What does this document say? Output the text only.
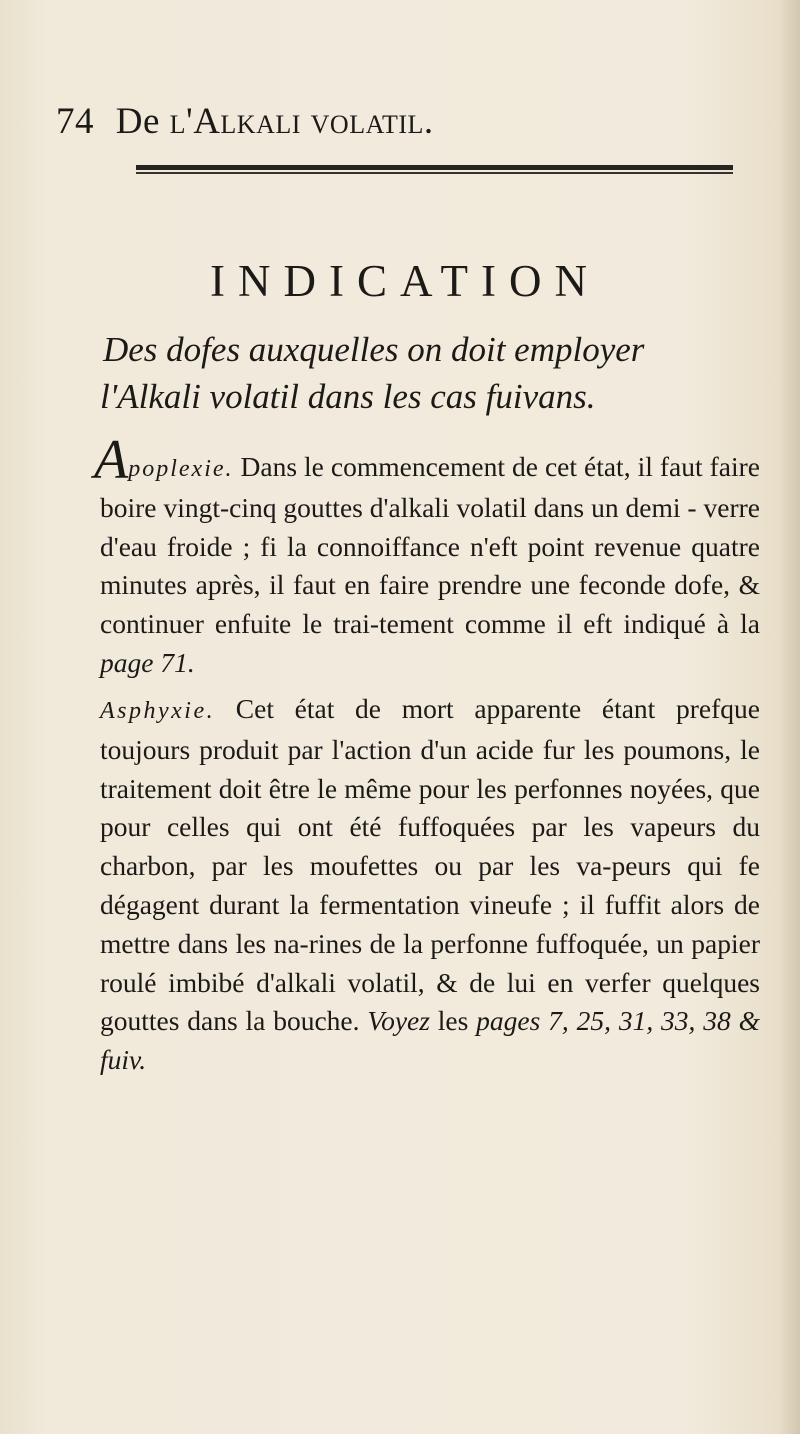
74 De l'Alkali volatil.
INDICATION
Des dofes auxquelles on doit employer
l'Alkali volatil dans les cas fuivans.
Apoplexie. Dans le commencement de cet état, il faut faire boire vingt-cinq gouttes d'alkali volatil dans un demi - verre d'eau froide ; fi la connoiffance n'eft point revenue quatre minutes après, il faut en faire prendre une feconde dofe, & continuer enfuite le trai-tement comme il eft indiqué à la page 71.
Asphyxie. Cet état de mort apparente étant prefque toujours produit par l'action d'un acide fur les poumons, le traitement doit être le même pour les perfonnes noyées, que pour celles qui ont été fuffoquées par les vapeurs du charbon, par les moufettes ou par les va-peurs qui fe dégagent durant la fermentation vineufe ; il fuffit alors de mettre dans les na-rines de la perfonne fuffoquée, un papier roulé imbibé d'alkali volatil, & de lui en verfer quelques gouttes dans la bouche. Voyez les pages 7, 25, 31, 33, 38 & fuiv.
